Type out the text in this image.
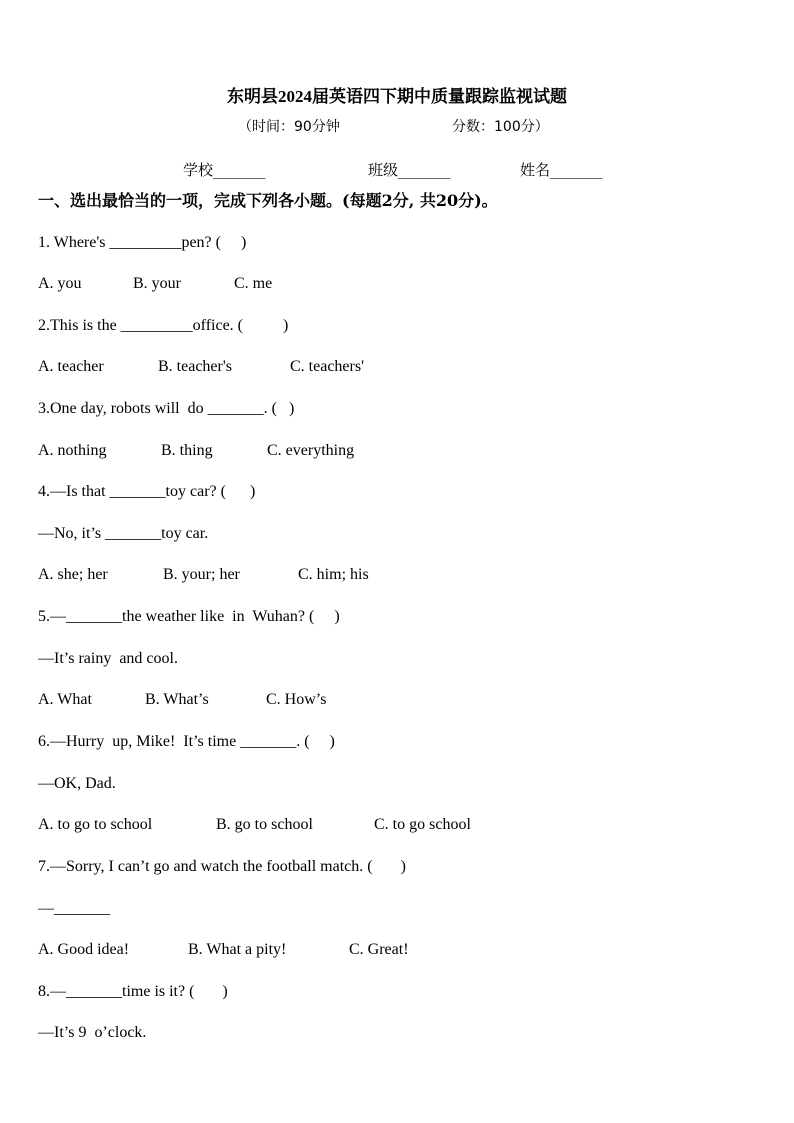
东明县2024届英语四下期中质量跟踪监视试题
（时间：90分钟	分数：100分）
学校_______	班级_______	姓名_______
一、选出最恰当的一项，完成下列各小题。(每题2分, 共20分)。
1. Where's _________pen? (     )
A. you	B. your	C. me
2.This is the _________office. (          )
A. teacher	B. teacher's	C. teachers'
3.One day, robots will  do _______. (   )
A. nothing	B. thing	C. everything
4.—Is that _______toy car? (      )
—No, it’s _______toy car.
A. she; her	B. your; her	C. him; his
5.—_______the weather like  in  Wuhan? (     )
—It’s rainy  and cool.
A. What	B. What’s	C. How’s
6.—Hurry  up, Mike!  It’s time _______. (     )
—OK, Dad.
A. to go to school	B. go to school	C. to go school
7.—Sorry, I can’t go and watch the football match. (       )
—_______
A. Good idea!	B. What a pity!	C. Great!
8.—_______time is it? (       )
—It’s 9  o’clock.
